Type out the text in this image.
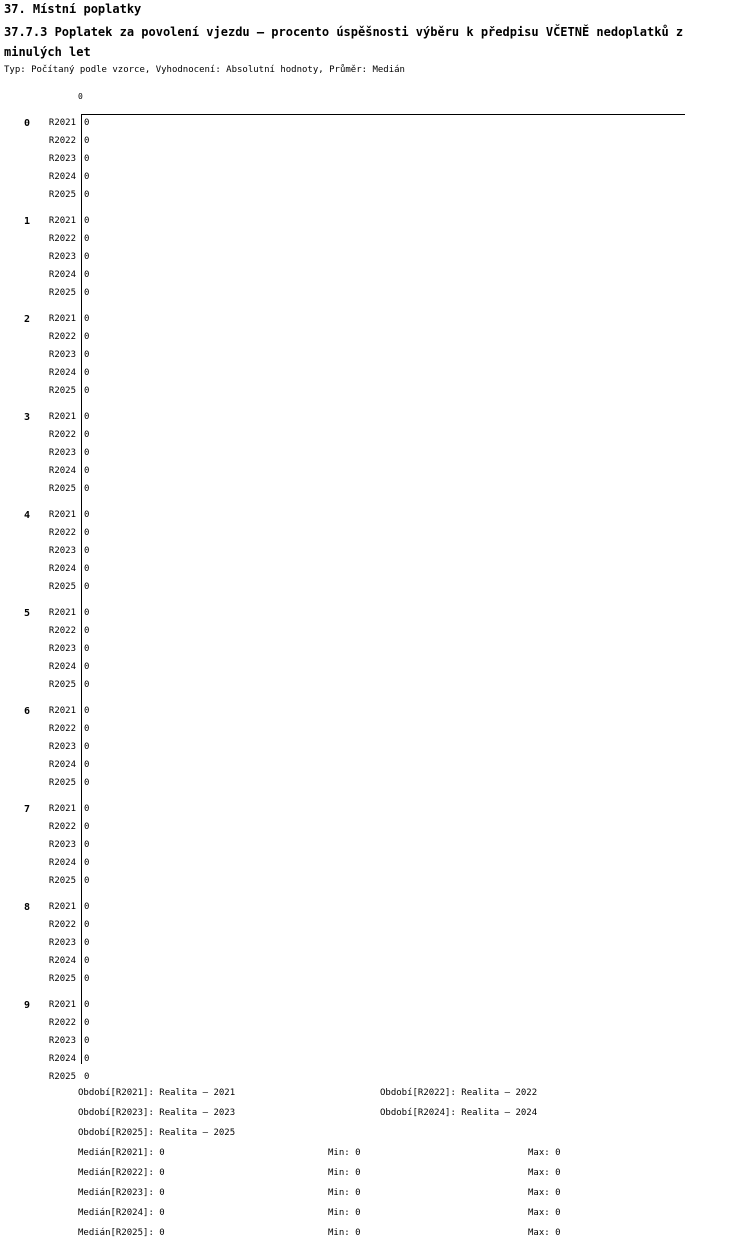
37. Místní poplatky
37.7.3 Poplatek za povolení vjezdu – procento úspěšnosti výběru k předpisu VČETNĚ nedoplatků z minulých let
Typ: Počítaný podle vzorce, Vyhodnocení: Absolutní hodnoty, Průměr: Medián
0
0	R2021 0
R2022 0
R2023 0
R2024 0
R2025 0
1	R2021 0
R2022 0
R2023 0
R2024 0
R2025 0
2	R2021 0
R2022 0
R2023 0
R2024 0
R2025 0
3	R2021 0
R2022 0
R2023 0
R2024 0
R2025 0
4	R2021 0
R2022 0
R2023 0
R2024 0
R2025 0
5	R2021 0
R2022 0
R2023 0
R2024 0
R2025 0
6	R2021 0
R2022 0
R2023 0
R2024 0
R2025 0
7	R2021 0
R2022 0
R2023 0
R2024 0
R2025 0
8	R2021 0
R2022 0
R2023 0
R2024 0
R2025 0
9	R2021 0
R2022 0
R2023 0
R2024 0
R2025 0
Období[R2021]: Realita – 2021	Období[R2022]: Realita – 2022
Období[R2023]: Realita – 2023	Období[R2024]: Realita – 2024
Období[R2025]: Realita – 2025
Medián[R2021]: 0	Min: 0	Max: 0
Medián[R2022]: 0	Min: 0	Max: 0
Medián[R2023]: 0	Min: 0	Max: 0
Medián[R2024]: 0	Min: 0	Max: 0
Medián[R2025]: 0	Min: 0	Max: 0
